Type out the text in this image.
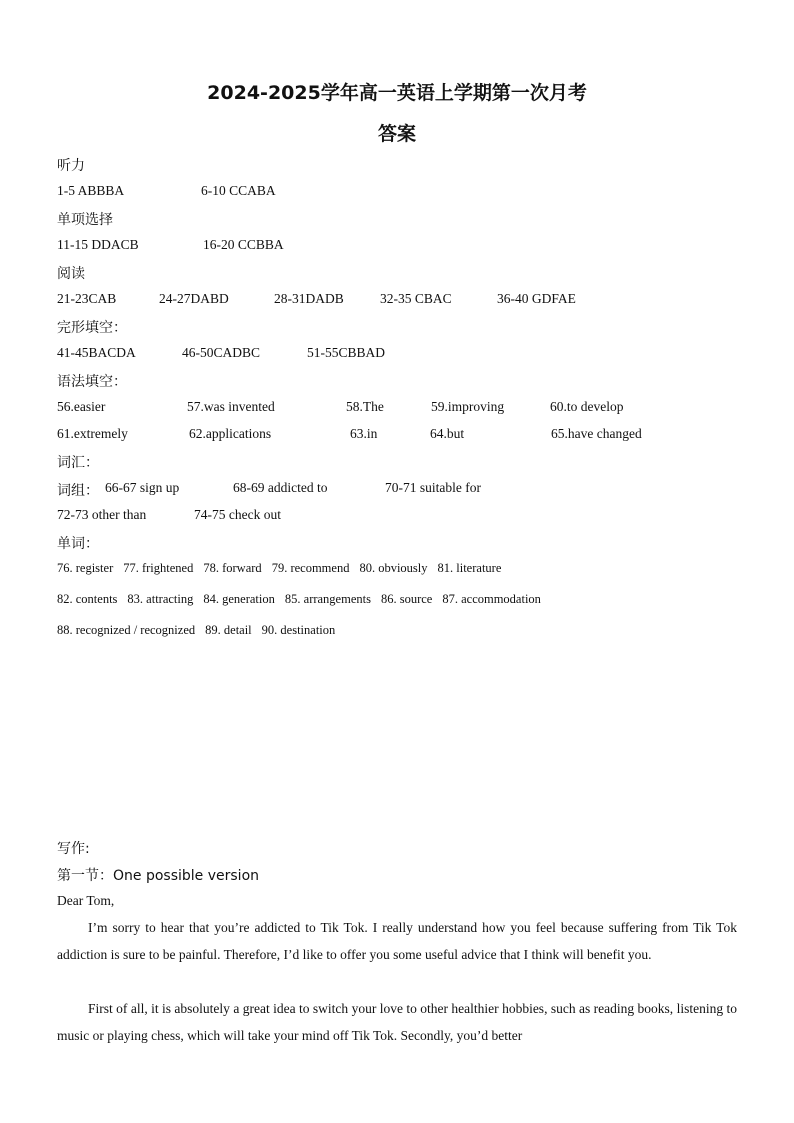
2024-2025学年高一英语上学期第一次月考
答案
听力
1-5 ABBBA	6-10 CCABA
单项选择
11-15 DDACB	16-20 CCBBA
阅读
21-23CAB	24-27DABD	28-31DADB	32-35 CBAC	36-40 GDFAE
完形填空：
41-45BACDA	46-50CADBC	51-55CBBAD
语法填空：
56.easier	57.was invented	58.The	59.improving	60.to develop
61.extremely	62.applications	63.in	64.but	65.have changed
词汇：
词组： 66-67 sign up	68-69 addicted to	70-71 suitable for
72-73 other than	74-75 check out
单词：
76. register 77. frightened 78. forward 79. recommend 80. obviously 81. literature
82. contents 83. attracting 84. generation 85. arrangements 86. source 87. accommodation
88. recognized / recognized 89. detail 90. destination
写作:
第一节：One possible version
Dear Tom,
I’m sorry to hear that you’re addicted to Tik Tok. I really understand how you feel because suffering from Tik Tok addiction is sure to be painful. Therefore, I’d like to offer you some useful advice that I think will benefit you.
First of all, it is absolutely a great idea to switch your love to other healthier hobbies, such as reading books, listening to music or playing chess, which will take your mind off Tik Tok. Secondly, you’d better
